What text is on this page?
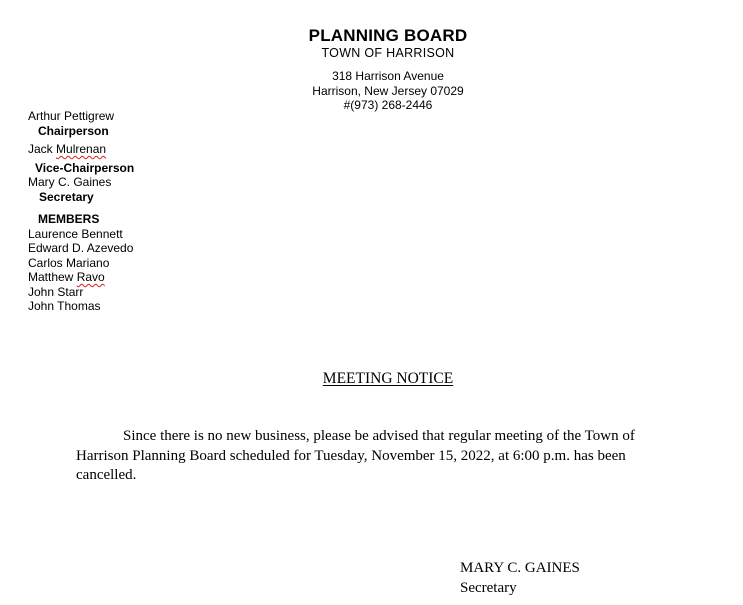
PLANNING BOARD
TOWN OF HARRISON
318 Harrison Avenue
Harrison, New Jersey 07029
#(973) 268-2446
Arthur Pettigrew
Chairperson
Jack Mulrenan
Vice-Chairperson
Mary C. Gaines
Secretary
MEMBERS
Laurence Bennett
Edward D. Azevedo
Carlos Mariano
Matthew Ravo
John Starr
John Thomas
MEETING NOTICE
Since there is no new business, please be advised that regular meeting of the Town of
Harrison Planning Board scheduled for Tuesday, November 15, 2022, at 6:00 p.m. has been
cancelled.
MARY C. GAINES
Secretary
